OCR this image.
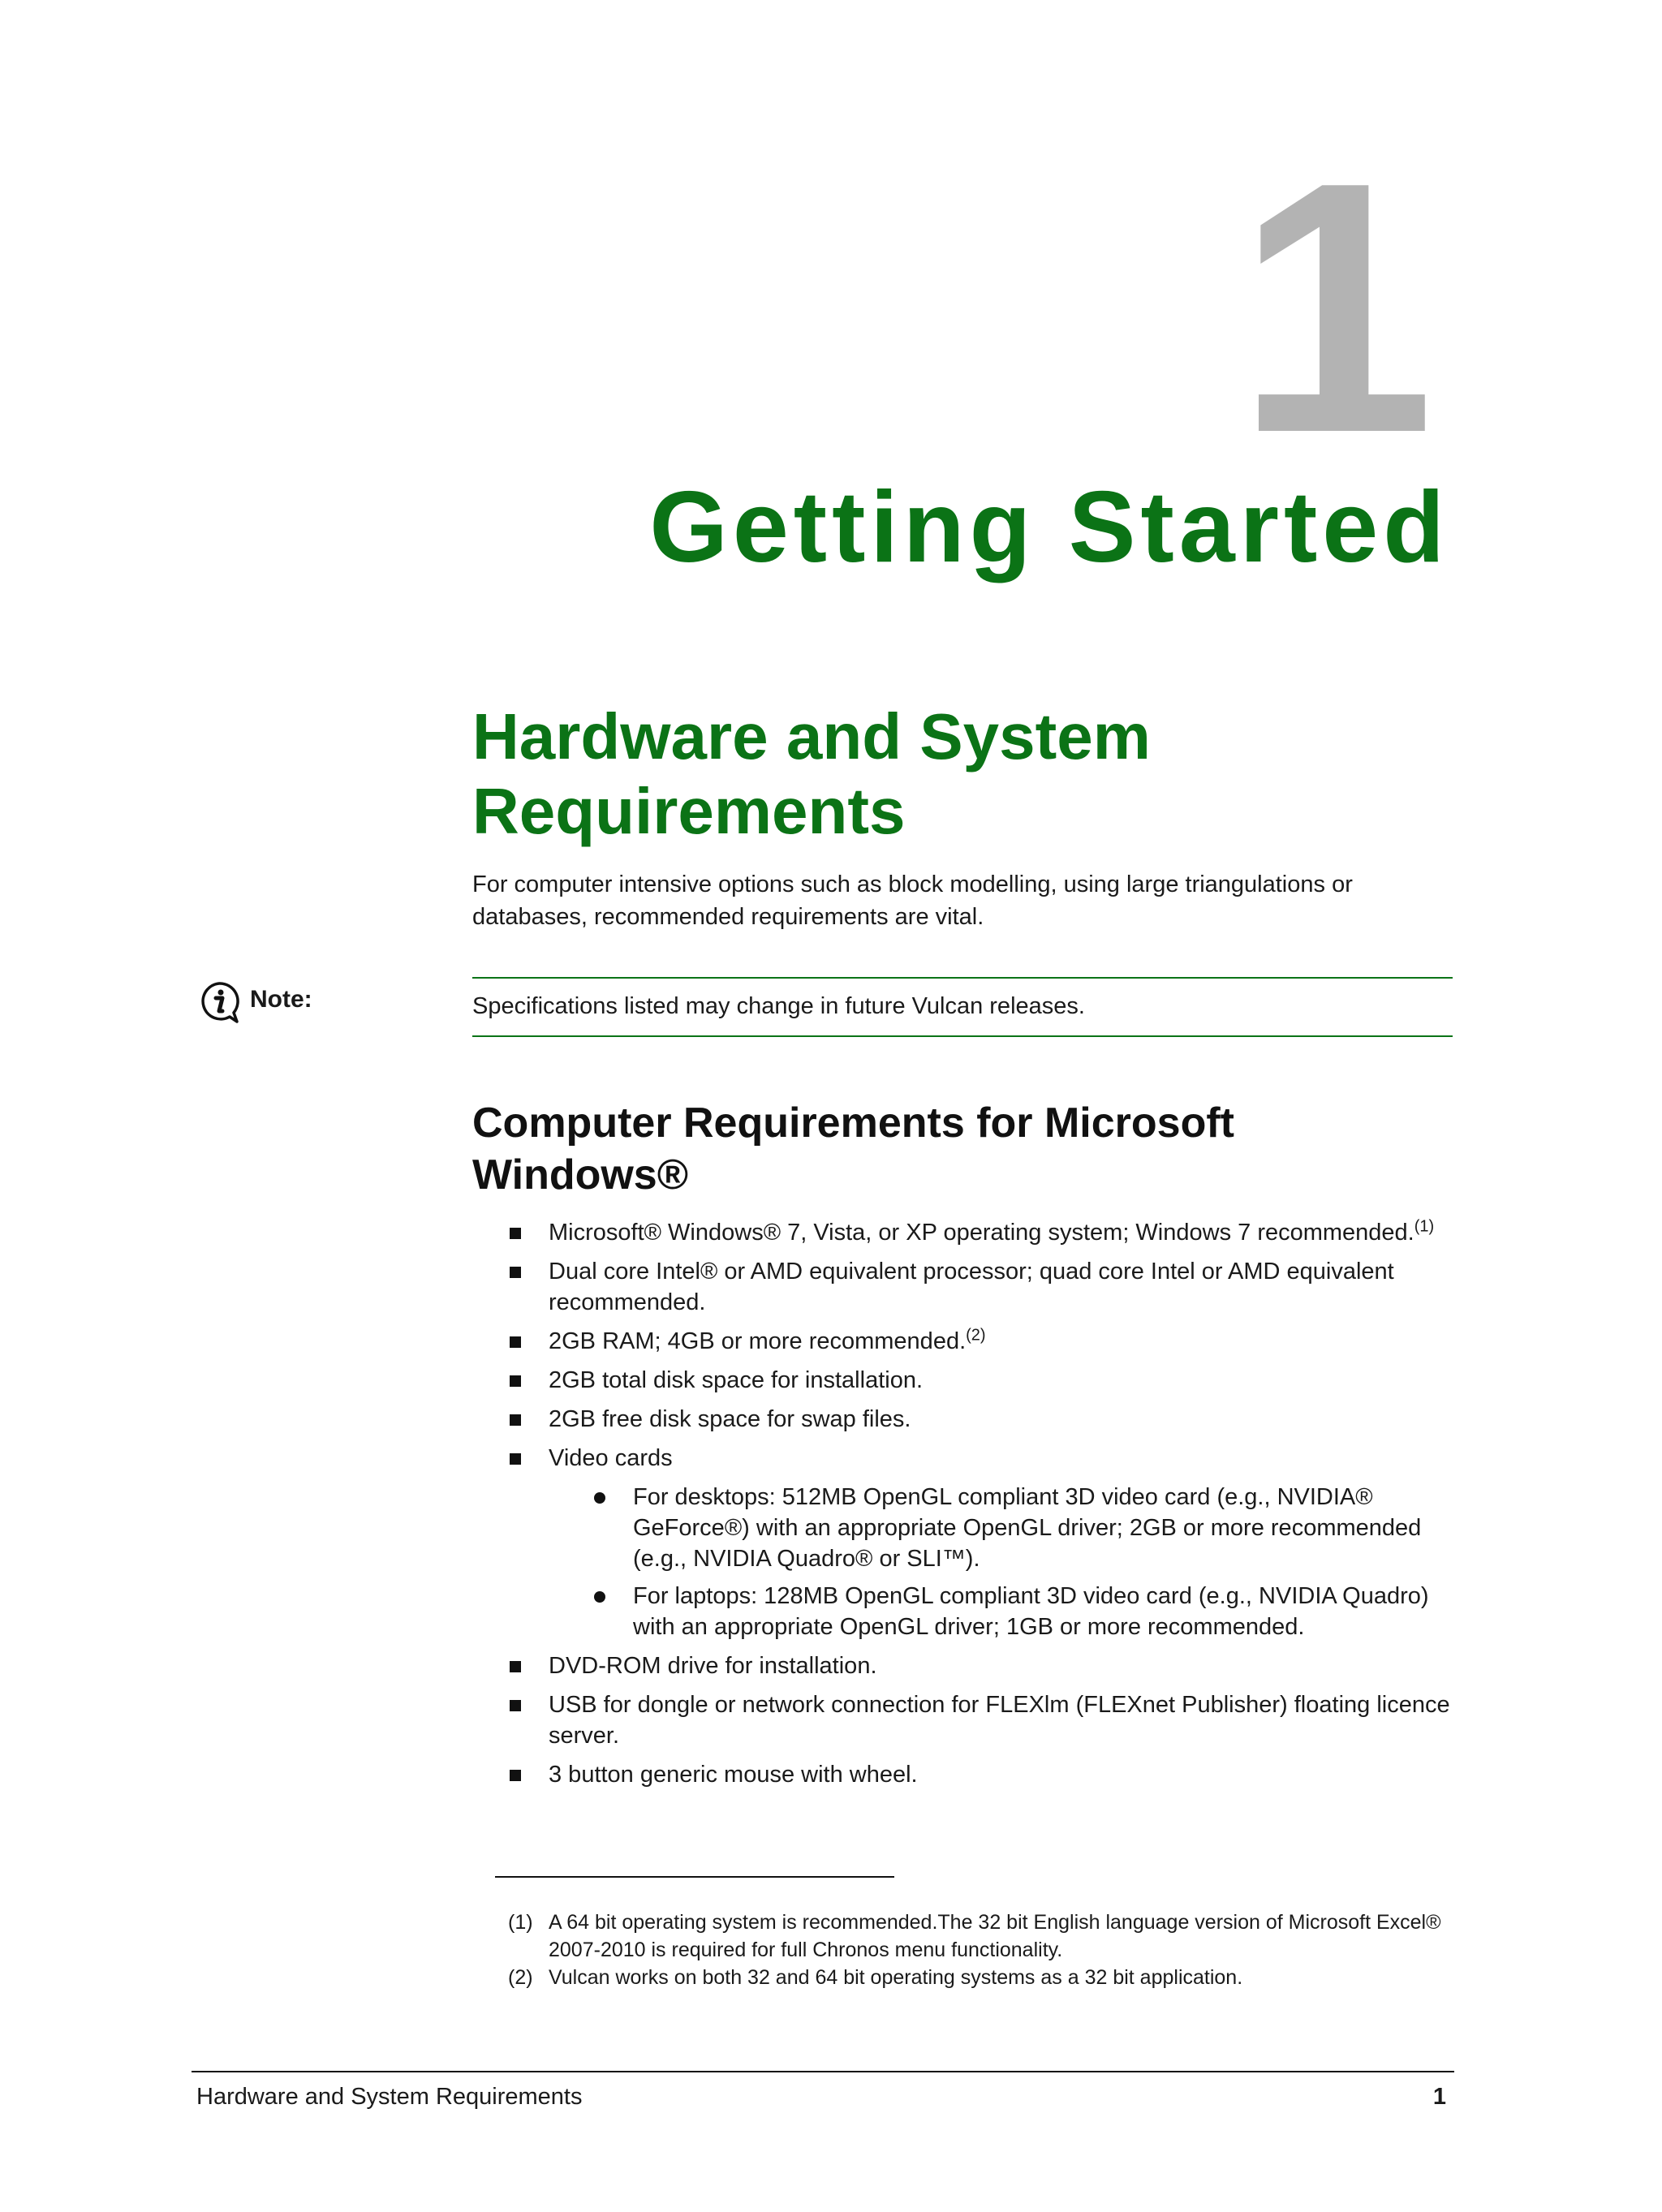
1
Getting Started
Hardware and System
Requirements

For computer intensive options such as block modelling, using large triangulations or databases, recommended requirements are vital.

Note:	Specifications listed may change in future Vulcan releases.
Computer Requirements for Microsoft
Windows®
Microsoft® Windows® 7, Vista, or XP operating system; Windows 7 recommended.$^{(1)}$
Dual core Intel® or AMD equivalent processor; quad core Intel or AMD equivalent recommended.
2GB RAM; 4GB or more recommended.$^{(2)}$
2GB total disk space for installation.
2GB free disk space for swap files.
Video cards
For desktops: 512MB OpenGL compliant 3D video card (e.g., NVIDIA® GeForce®) with an appropriate OpenGL driver; 2GB or more recommended (e.g., NVIDIA Quadro® or SLI™).
For laptops: 128MB OpenGL compliant 3D video card (e.g., NVIDIA Quadro) with an appropriate OpenGL driver; 1GB or more recommended.
DVD-ROM drive for installation.
USB for dongle or network connection for FLEXlm (FLEXnet Publisher) floating licence server.
3 button generic mouse with wheel.
(1) A 64 bit operating system is recommended.The 32 bit English language version of Microsoft Excel® 2007-2010 is required for full Chronos menu functionality.
(2) Vulcan works on both 32 and 64 bit operating systems as a 32 bit application.
Hardware and System Requirements	1
